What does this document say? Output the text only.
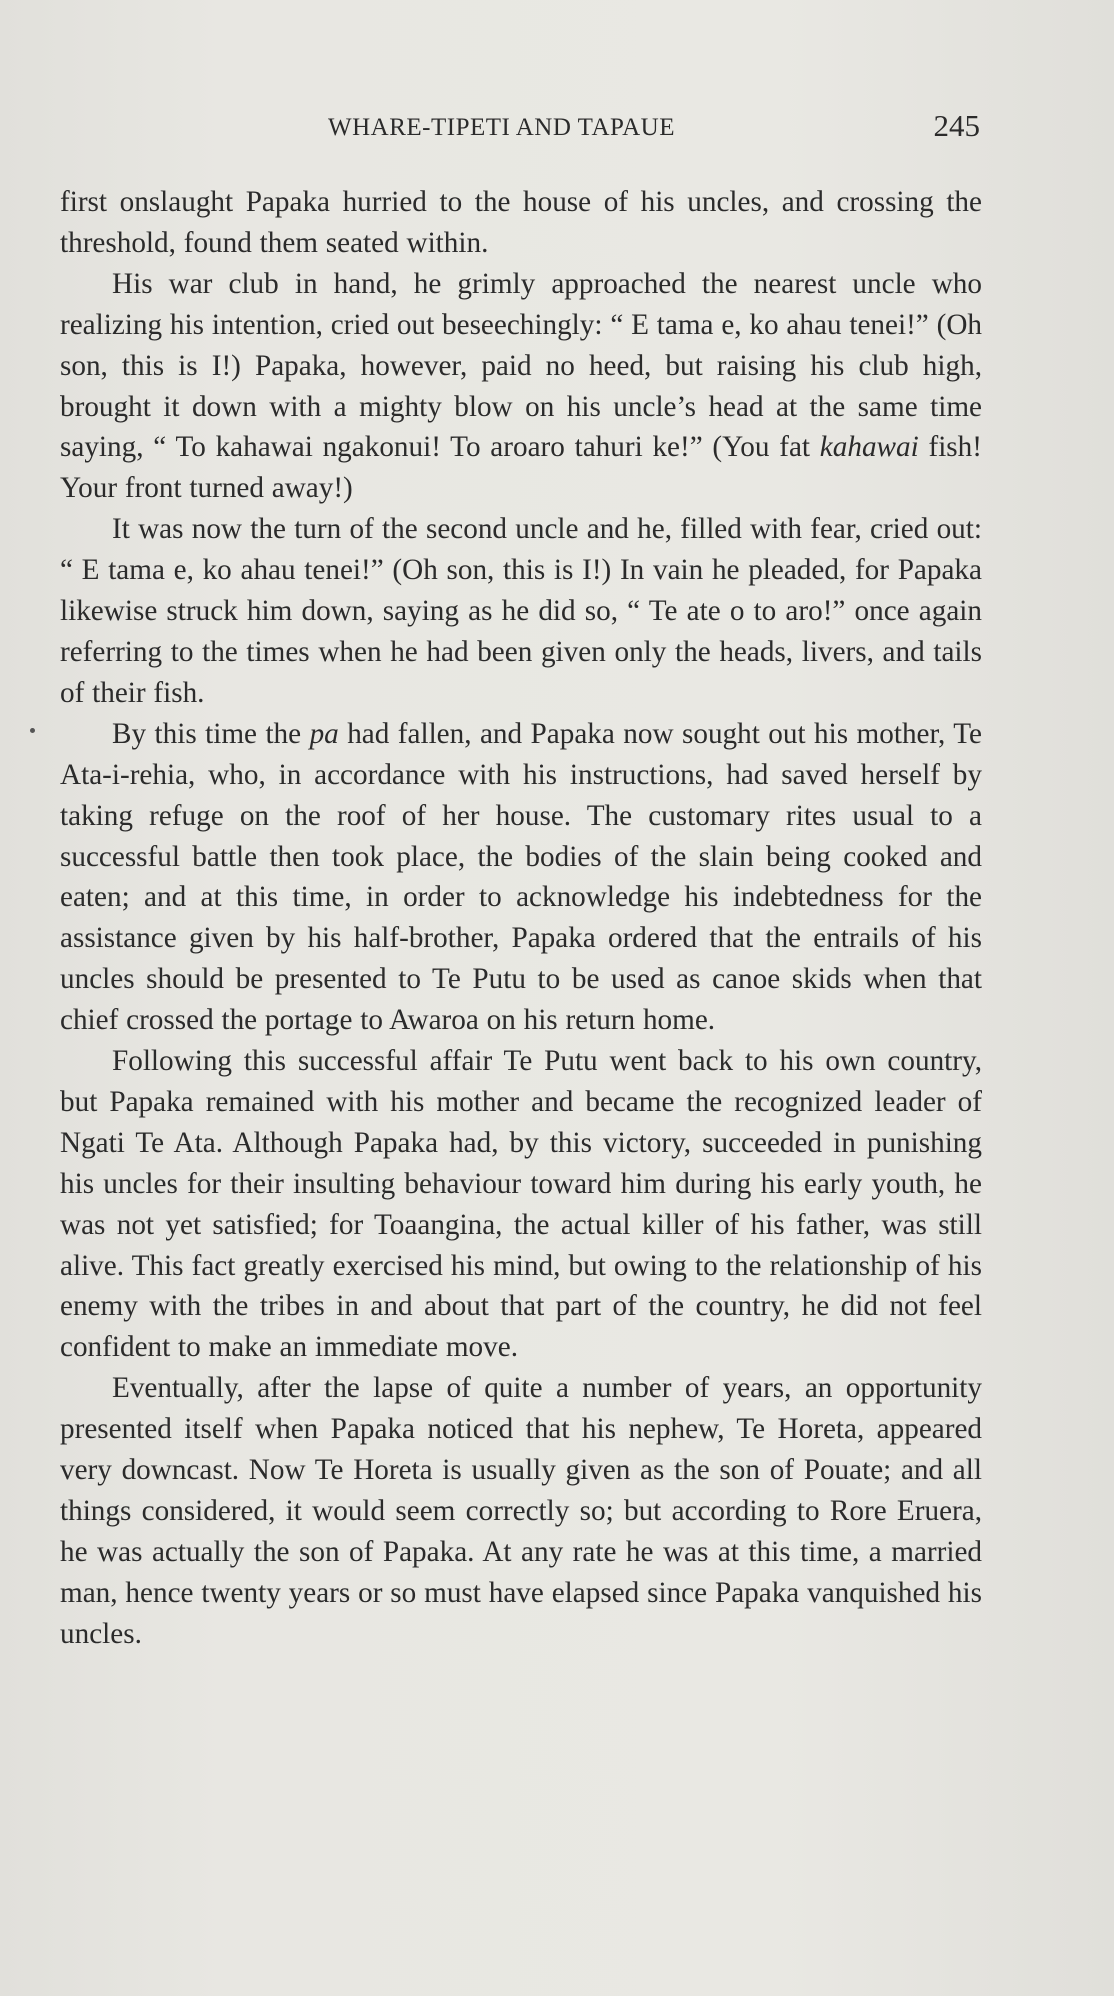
WHARE-TIPETI AND TAPAUE	245

first onslaught Papaka hurried to the house of his uncles, and crossing the threshold, found them seated within.

His war club in hand, he grimly approached the nearest uncle who realizing his intention, cried out beseechingly: “ E tama e, ko ahau tenei!” (Oh son, this is I!) Papaka, however, paid no heed, but raising his club high, brought it down with a mighty blow on his uncle’s head at the same time saying, “ To kahawai ngakonui! To aroaro tahuri ke!” (You fat kahawai fish! Your front turned away!)

It was now the turn of the second uncle and he, filled with fear, cried out: “ E tama e, ko ahau tenei!” (Oh son, this is I!) In vain he pleaded, for Papaka likewise struck him down, saying as he did so, “ Te ate o to aro!” once again referring to the times when he had been given only the heads, livers, and tails of their fish.

By this time the pa had fallen, and Papaka now sought out his mother, Te Ata-i-rehia, who, in accordance with his instructions, had saved herself by taking refuge on the roof of her house. The customary rites usual to a successful battle then took place, the bodies of the slain being cooked and eaten; and at this time, in order to acknowledge his indebtedness for the assistance given by his half-brother, Papaka ordered that the entrails of his uncles should be presented to Te Putu to be used as canoe skids when that chief crossed the portage to Awaroa on his return home.

Following this successful affair Te Putu went back to his own country, but Papaka remained with his mother and became the recognized leader of Ngati Te Ata. Although Papaka had, by this victory, succeeded in punishing his uncles for their insulting behaviour toward him during his early youth, he was not yet satisfied; for Toaangina, the actual killer of his father, was still alive. This fact greatly exercised his mind, but owing to the relationship of his enemy with the tribes in and about that part of the country, he did not feel confident to make an immediate move.

Eventually, after the lapse of quite a number of years, an opportunity presented itself when Papaka noticed that his nephew, Te Horeta, appeared very downcast. Now Te Horeta is usually given as the son of Pouate; and all things considered, it would seem correctly so; but according to Rore Eruera, he was actually the son of Papaka. At any rate he was at this time, a married man, hence twenty years or so must have elapsed since Papaka vanquished his uncles.
